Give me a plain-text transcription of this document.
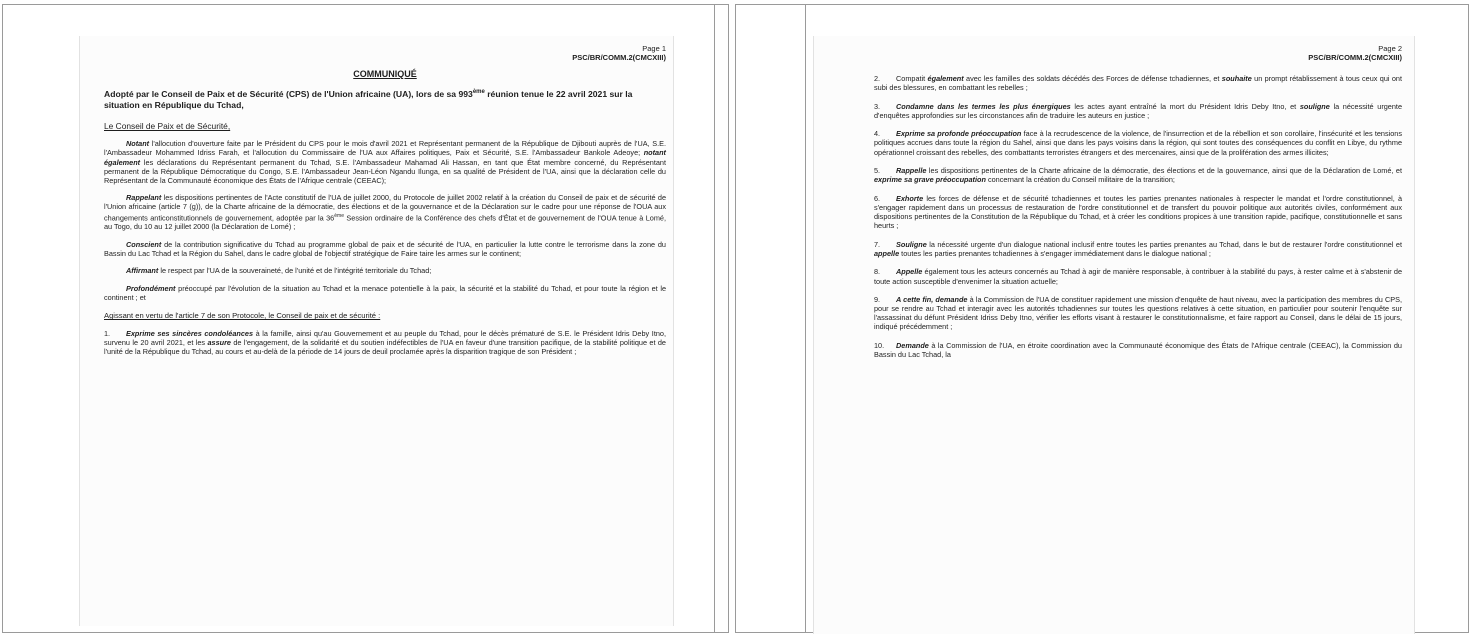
Page 1
PSC/BR/COMM.2(CMCXIII)
COMMUNIQUÉ
Adopté par le Conseil de Paix et de Sécurité (CPS) de l'Union africaine (UA), lors de sa 993ème réunion tenue le 22 avril 2021 sur la situation en République du Tchad,
Le Conseil de Paix et de Sécurité,

Notant l'allocution d'ouverture faite par le Président du CPS pour le mois d'avril 2021 et Représentant permanent de la République de Djibouti auprès de l'UA, S.E. l'Ambassadeur Mohammed Idriss Farah, et l'allocution du Commissaire de l'UA aux Affaires politiques, Paix et Sécurité, S.E. l'Ambassadeur Bankole Adeoye; notant également les déclarations du Représentant permanent du Tchad, S.E. l'Ambassadeur Mahamad Ali Hassan, en tant que État membre concerné, du Représentant permanent de la République Démocratique du Congo, S.E. l'Ambassadeur Jean-Léon Ngandu Ilunga, en sa qualité de Président de l'UA, ainsi que la déclaration celle du Représentant de la Communauté économique des États de l'Afrique centrale (CEEAC);

Rappelant les dispositions pertinentes de l'Acte constitutif de l'UA de juillet 2000, du Protocole de juillet 2002 relatif à la création du Conseil de paix et de sécurité de l'Union africaine (article 7 (g)), de la Charte africaine de la démocratie, des élections et de la gouvernance et de la Déclaration sur le cadre pour une réponse de l'OUA aux changements anticonstitutionnels de gouvernement, adoptée par la 36ème Session ordinaire de la Conférence des chefs d'État et de gouvernement de l'OUA tenue à Lomé, au Togo, du 10 au 12 juillet 2000 (la Déclaration de Lomé) ;

Conscient de la contribution significative du Tchad au programme global de paix et de sécurité de l'UA, en particulier la lutte contre le terrorisme dans la zone du Bassin du Lac Tchad et la Région du Sahel, dans le cadre global de l'objectif stratégique de Faire taire les armes sur le continent;

Affirmant le respect par l'UA de la souveraineté, de l'unité et de l'intégrité territoriale du Tchad;

Profondément préoccupé par l'évolution de la situation au Tchad et la menace potentielle à la paix, la sécurité et la stabilité du Tchad, et pour toute la région et le continent ; et

Agissant en vertu de l'article 7 de son Protocole, le Conseil de paix et de sécurité :

1. Exprime ses sincères condoléances à la famille, ainsi qu'au Gouvernement et au peuple du Tchad, pour le décès prématuré de S.E. le Président Idris Deby Itno, survenu le 20 avril 2021, et les assure de l'engagement, de la solidarité et du soutien indéfectibles de l'UA en faveur d'une transition pacifique, de la stabilité politique et de l'unité de la République du Tchad, au cours et au-delà de la période de 14 jours de deuil proclamée après la disparition tragique de son Président ;

Page 2
PSC/BR/COMM.2(CMCXIII)

2. Compatit également avec les familles des soldats décédés des Forces de défense tchadiennes, et souhaite un prompt rétablissement à tous ceux qui ont subi des blessures, en combattant les rebelles ;

3. Condamne dans les termes les plus énergiques les actes ayant entraîné la mort du Président Idris Deby Itno, et souligne la nécessité urgente d'enquêtes approfondies sur les circonstances afin de traduire les auteurs en justice ;

4. Exprime sa profonde préoccupation face à la recrudescence de la violence, de l'insurrection et de la rébellion et son corollaire, l'insécurité et les tensions politiques accrues dans toute la région du Sahel, ainsi que dans les pays voisins dans la région, qui sont toutes des conséquences du conflit en Libye, du rythme opérationnel croissant des rebelles, des combattants terroristes étrangers et des mercenaires, ainsi que de la prolifération des armes illicites;

5. Rappelle les dispositions pertinentes de la Charte africaine de la démocratie, des élections et de la gouvernance, ainsi que de la Déclaration de Lomé, et exprime sa grave préoccupation concernant la création du Conseil militaire de la transition;

6. Exhorte les forces de défense et de sécurité tchadiennes et toutes les parties prenantes nationales à respecter le mandat et l'ordre constitutionnel, à s'engager rapidement dans un processus de restauration de l'ordre constitutionnel et de transfert du pouvoir politique aux autorités civiles, conformément aux dispositions pertinentes de la Constitution de la République du Tchad, et à créer les conditions propices à une transition rapide, pacifique, constitutionnelle et sans heurts ;

7. Souligne la nécessité urgente d'un dialogue national inclusif entre toutes les parties prenantes au Tchad, dans le but de restaurer l'ordre constitutionnel et appelle toutes les parties prenantes tchadiennes à s'engager immédiatement dans le dialogue national ;

8. Appelle également tous les acteurs concernés au Tchad à agir de manière responsable, à contribuer à la stabilité du pays, à rester calme et à s'abstenir de toute action susceptible d'envenimer la situation actuelle;

9. A cette fin, demande à la Commission de l'UA de constituer rapidement une mission d'enquête de haut niveau, avec la participation des membres du CPS, pour se rendre au Tchad et interagir avec les autorités tchadiennes sur toutes les questions relatives à cette situation, en particulier pour soutenir l'enquête sur l'assassinat du défunt Président Idriss Deby Itno, vérifier les efforts visant à restaurer le constitutionnalisme, et faire rapport au Conseil, dans le délai de 15 jours, indiqué précédemment ;

10. Demande à la Commission de l'UA, en étroite coordination avec la Communauté économique des États de l'Afrique centrale (CEEAC), la Commission du Bassin du Lac Tchad, la
